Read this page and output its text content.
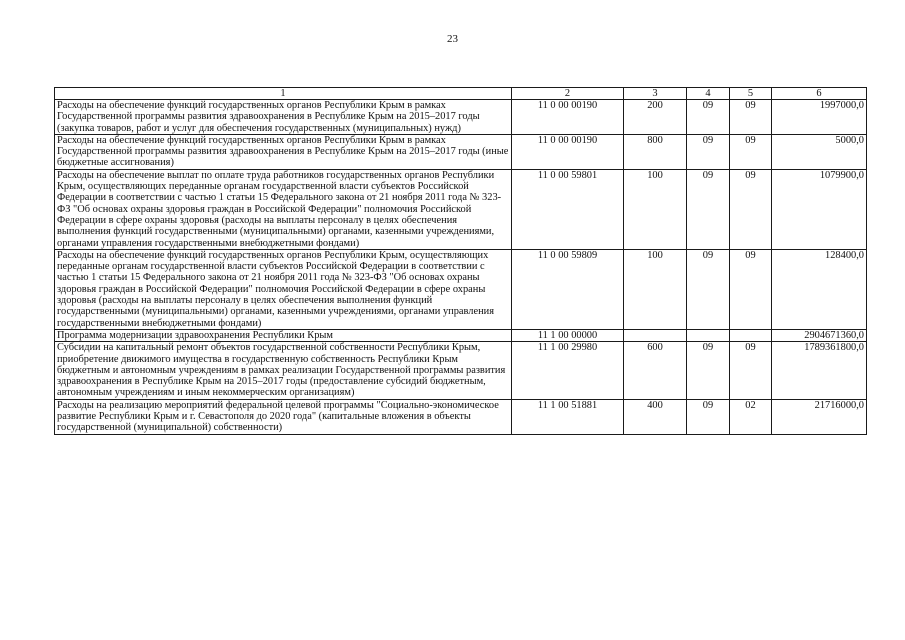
23
1	2	3	4	5	6
Расходы на обеспечение функций государственных органов Республики Крым в рамках Государственной программы развития здравоохранения в Республике Крым на 2015–2017 годы (закупка товаров, работ и услуг для обеспечения государственных (муниципальных) нужд)	11 0 00 00190	200	09	09	1997000,0
Расходы на обеспечение функций государственных органов Республики Крым в рамках Государственной программы развития здравоохранения в Республике Крым на 2015–2017 годы (иные бюджетные ассигнования)	11 0 00 00190	800	09	09	5000,0
Расходы на обеспечение выплат по оплате труда работников государственных органов Республики Крым, осуществляющих переданные органам государственной власти субъектов Российской Федерации в соответствии с частью 1 статьи 15 Федерального закона от 21 ноября 2011 года № 323-ФЗ "Об основах охраны здоровья граждан в Российской Федерации" полномочия Российской Федерации в сфере охраны здоровья (расходы на выплаты персоналу в целях обеспечения выполнения функций государственными (муниципальными) органами, казенными учреждениями, органами управления государственными внебюджетными фондами)	11 0 00 59801	100	09	09	1079900,0
Расходы на обеспечение функций государственных органов Республики Крым, осуществляющих переданные органам государственной власти субъектов Российской Федерации в соответствии с частью 1 статьи 15 Федерального закона от 21 ноября 2011 года № 323-ФЗ "Об основах охраны здоровья граждан в Российской Федерации" полномочия Российской Федерации в сфере охраны здоровья (расходы на выплаты персоналу в целях обеспечения выполнения функций государственными (муниципальными) органами, казенными учреждениями, органами управления государственными внебюджетными фондами)	11 0 00 59809	100	09	09	128400,0
Программа модернизации здравоохранения Республики Крым	11 1 00 00000				2904671360,0
Субсидии на капитальный ремонт объектов государственной собственности Республики Крым, приобретение движимого имущества в государственную собственность Республики Крым бюджетным и автономным учреждениям в рамках реализации Государственной программы развития здравоохранения в Республике Крым на 2015–2017 годы (предоставление субсидий бюджетным, автономным учреждениям и иным некоммерческим организациям)	11 1 00 29980	600	09	09	1789361800,0
Расходы на реализацию мероприятий федеральной целевой программы "Социально-экономическое развитие Республики Крым и г. Севастополя до 2020 года" (капитальные вложения в объекты государственной (муниципальной) собственности)	11 1 00 51881	400	09	02	21716000,0
